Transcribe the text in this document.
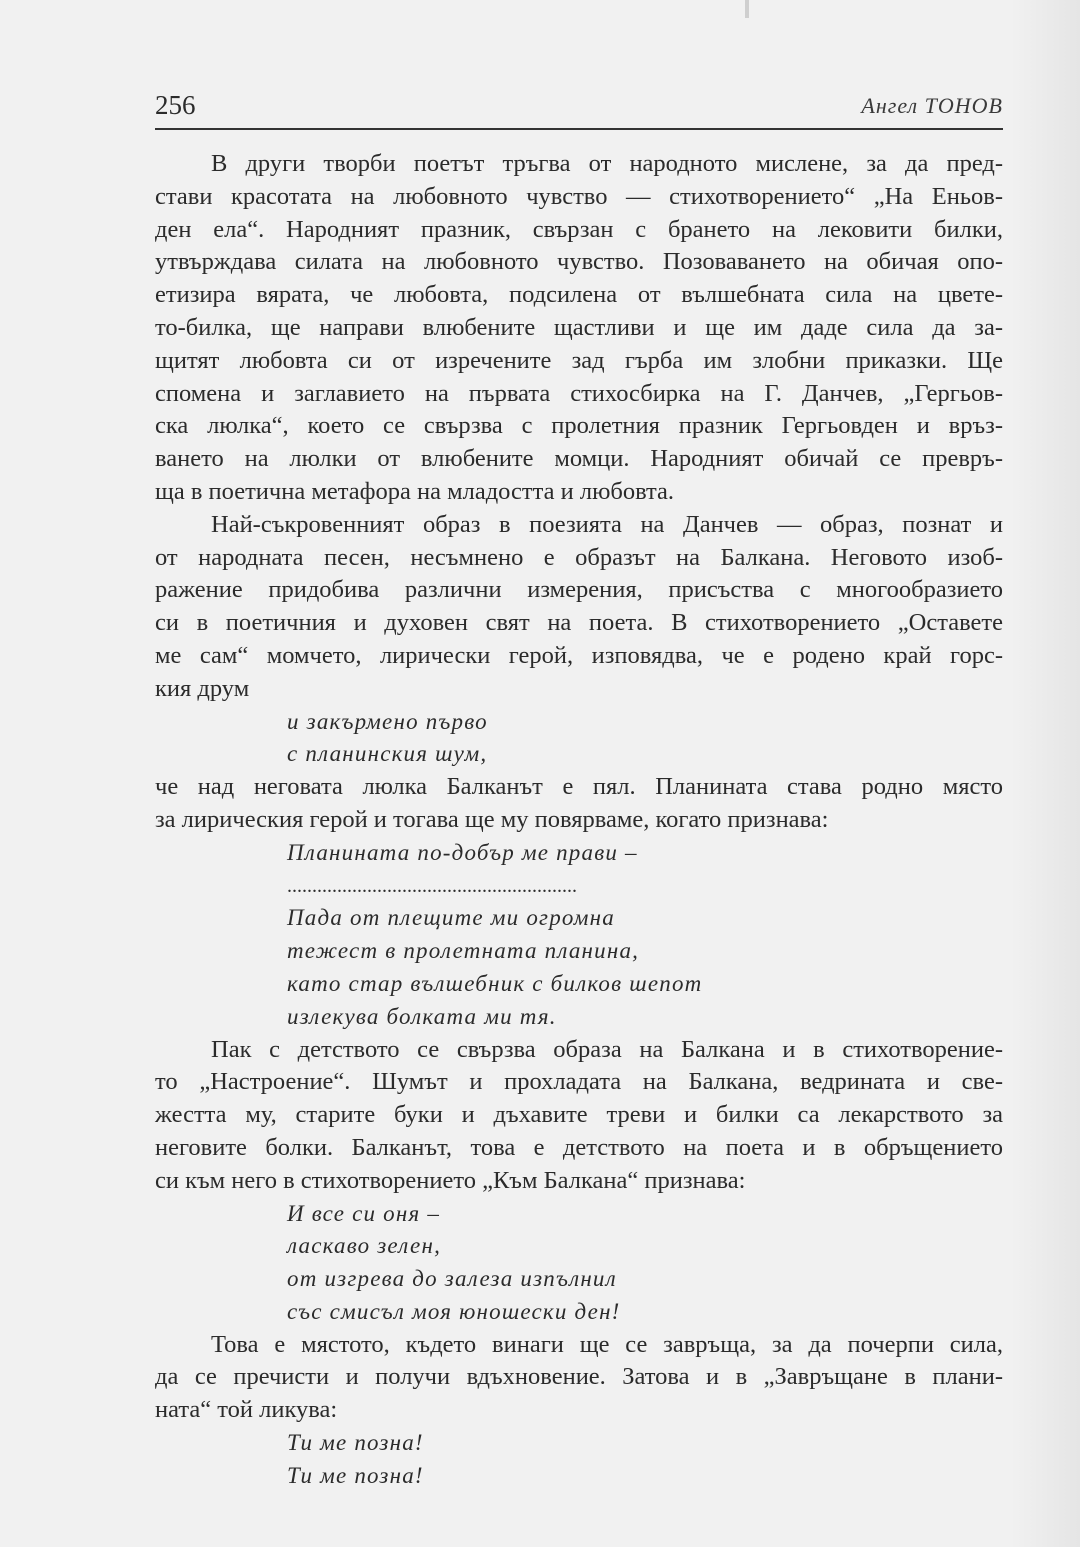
256	Ангел ТОНОВ

В други творби поетът тръгва от народното мислене, за да пред-

стави красотата на любовното чувство — стихотворението“ „На Еньов-

ден ела“. Народният празник, свързан с брането на лековити билки,

утвърждава силата на любовното чувство. Позоваването на обичая опо-

етизира вярата, че любовта, подсилена от вълшебната сила на цвете-

то-билка, ще направи влюбените щастливи и ще им даде сила да за-

щитят любовта си от изречените зад гърба им злобни приказки. Ще

спомена и заглавието на първата стихосбирка на Г. Данчев, „Гергьов-

ска люлка“, което се свързва с пролетния празник Гергьовден и връз-

ването на люлки от влюбените момци. Народният обичай се превръ-

ща в поетична метафора на младостта и любовта.

Най-съкровенният образ в поезията на Данчев — образ, познат и

от народната песен, несъмнено е образът на Балкана. Неговото изоб-

ражение придобива различни измерения, присъства с многообразието

си в поетичния и духовен свят на поета. В стихотворението „Оставете

ме сам“ момчето, лирически герой, изповядва, че е родено край горс-

кия друм

и закърмено първо

с планинския шум,

че над неговата люлка Балканът е пял. Планината става родно място

за лирическия герой и тогава ще му повярваме, когато признава:

Планината по-добър ме прави –

..........................................................

Пада от плещите ми огромна

тежест в пролетната планина,

като стар вълшебник с билков шепот

излекува болката ми тя.

Пак с детството се свързва образа на Балкана и в стихотворение-

то „Настроение“. Шумът и прохладата на Балкана, ведрината и све-

жестта му, старите буки и дъхавите треви и билки са лекарството за

неговите болки. Балканът, това е детството на поета и в обръщението

си към него в стихотворението „Към Балкана“ признава:

И все си оня –

ласкаво зелен,

от изгрева до залеза изпълнил

със смисъл моя юношески ден!

Това е мястото, където винаги ще се завръща, за да почерпи сила,

да се пречисти и получи вдъхновение. Затова и в „Завръщане в плани-

ната“ той ликува:

Ти ме позна!

Ти ме позна!
